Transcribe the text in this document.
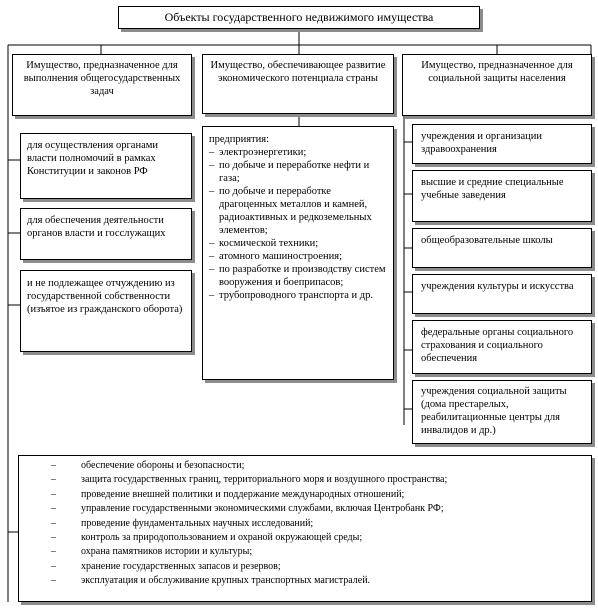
Объекты государственного недвижимого имущества
Имущество, предназначенное для выполнения общегосударственных задач
Имущество, обеспечивающее развитие экономического потенциала страны
Имущество, предназначенное для социальной защиты населения
для осуществления органами власти полномочий в рамках Конституции и законов РФ
для обеспечения деятельности органов власти и госслужащих
и не подлежащее отчуждению из государственной собственности (изъятое из гражданского оборота)
предприятия:
– электроэнергетики;
– по добыче и переработке нефти и газа;
– по добыче и переработке драгоценных металлов и камней, радиоактивных и редкоземельных элементов;
– космической техники;
– атомного машиностроения;
– по разработке и производству систем вооружения и боеприпасов;
– трубопроводного транспорта и др.
учреждения и организации здравоохранения
высшие и средние специальные учебные заведения
общеобразовательные школы
учреждения культуры и искусства
федеральные органы социального страхования и социального обеспечения
учреждения социальной защиты (дома престарелых, реабилитационные центры для инвалидов и др.)
– обеспечение обороны и безопасности;
– защита государственных границ, территориального моря и воздушного пространства;
– проведение внешней политики и поддержание международных отношений;
– управление государственными экономическими службами, включая Центробанк РФ;
– проведение фундаментальных научных исследований;
– контроль за природопользованием и охраной окружающей среды;
– охрана памятников истории и культуры;
– хранение государственных запасов и резервов;
– эксплуатация и обслуживание крупных транспортных магистралей.
